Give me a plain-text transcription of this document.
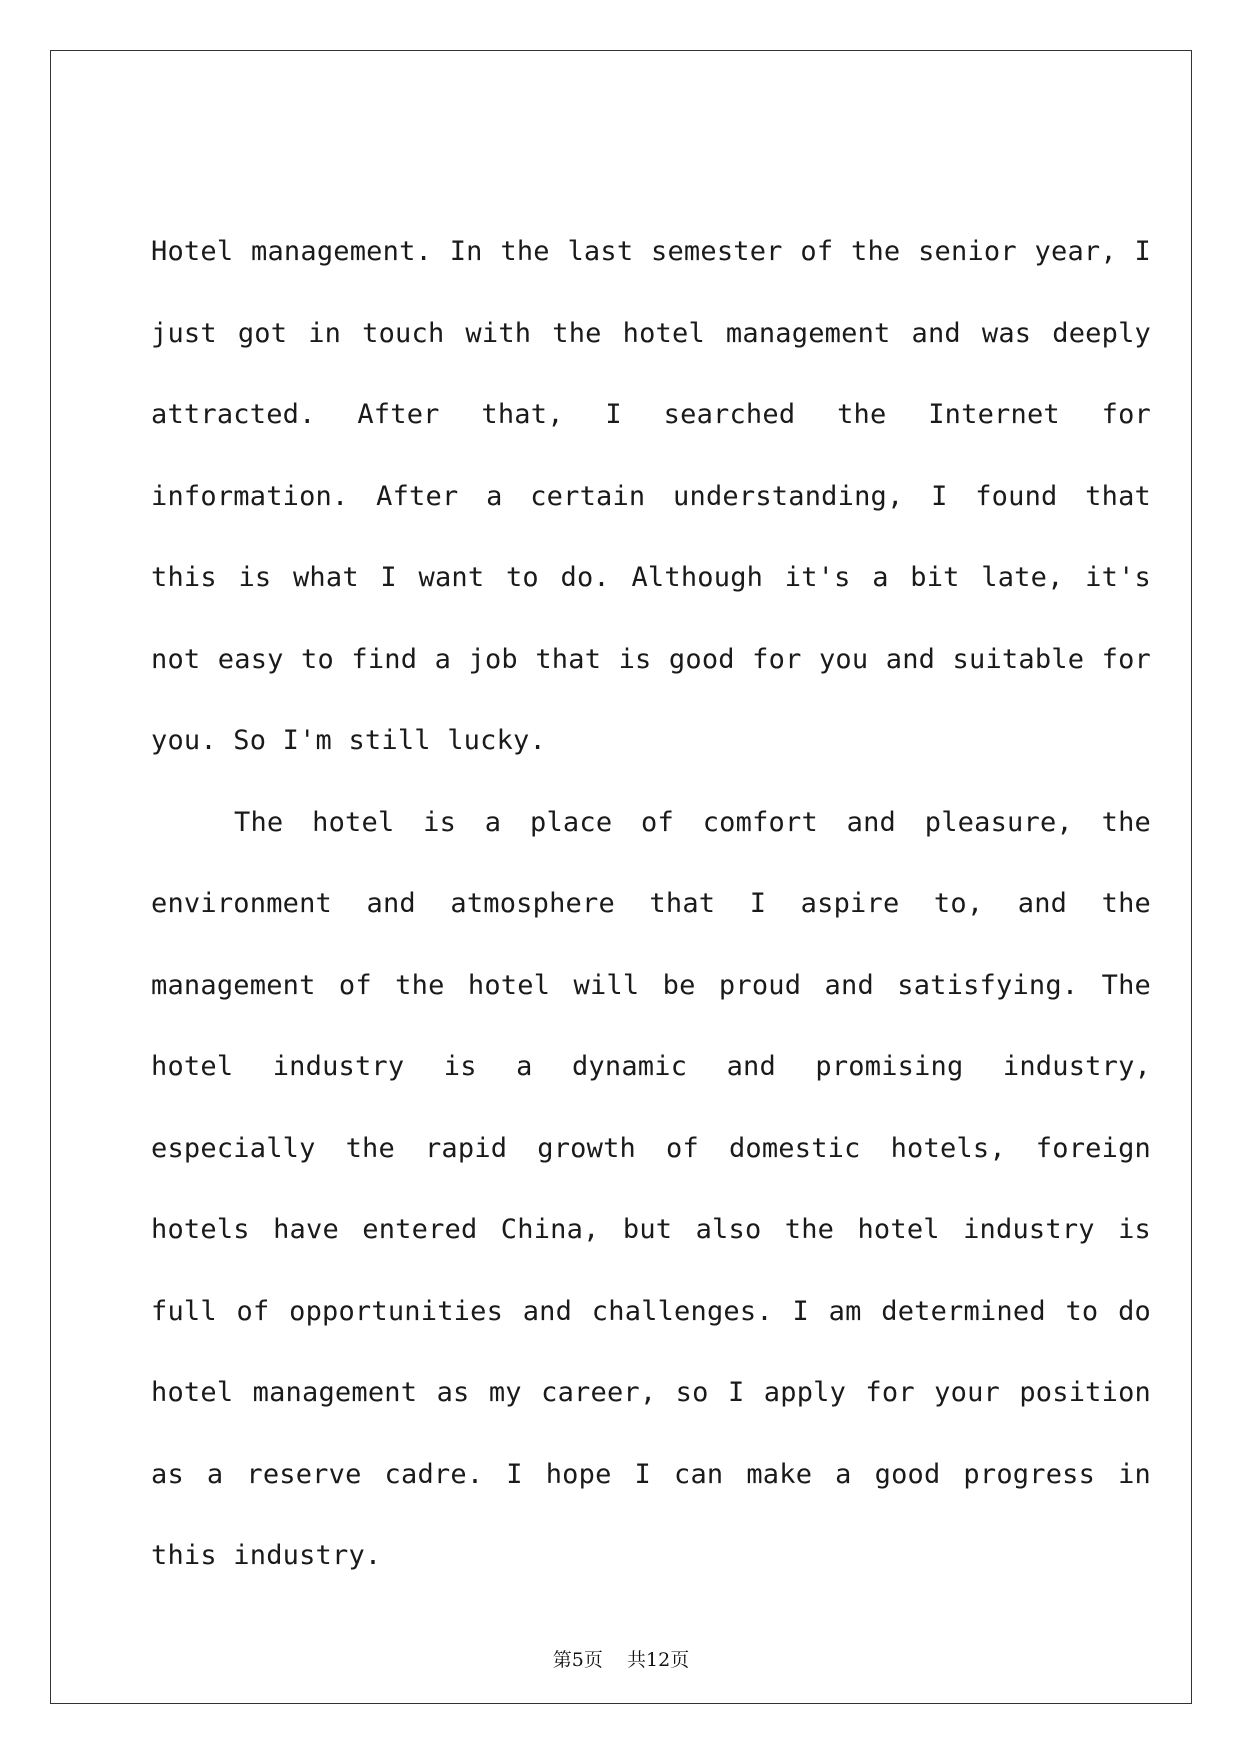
Hotel management. In the last semester of the senior year, I just got in touch with the hotel management and was deeply attracted. After that, I searched the Internet for information. After a certain understanding, I found that this is what I want to do. Although it's a bit late, it's not easy to find a job that is good for you and suitable for you. So I'm still lucky.

The hotel is a place of comfort and pleasure, the environment and atmosphere that I aspire to, and the management of the hotel will be proud and satisfying. The hotel industry is a dynamic and promising industry, especially the rapid growth of domestic hotels, foreign hotels have entered China, but also the hotel industry is full of opportunities and challenges. I am determined to do hotel management as my career, so I apply for your position as a reserve cadre. I hope I can make a good progress in this industry.

第5页    共12页
